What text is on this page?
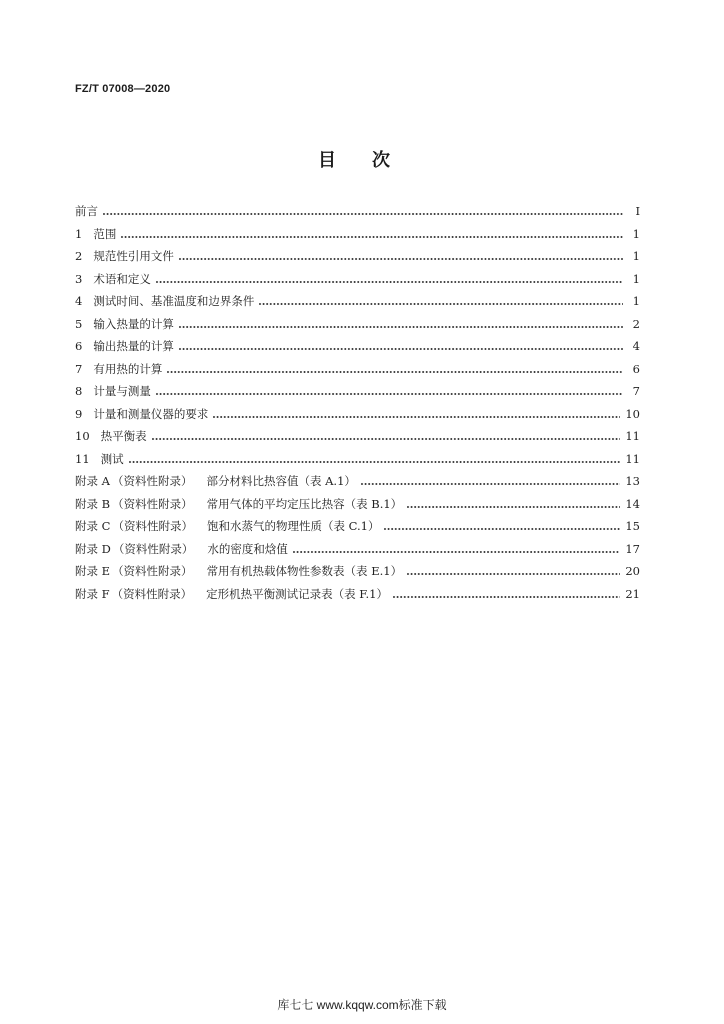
FZ/T 07008—2020
目　　次
前言	Ⅰ
1 范围	1
2 规范性引用文件	1
3 术语和定义	1
4 测试时间、基准温度和边界条件	1
5 输入热量的计算	2
6 输出热量的计算	4
7 有用热的计算	6
8 计量与测量	7
9 计量和测量仪器的要求	10
10 热平衡表	11
11 测试	11
附录 A （资料性附录） 部分材料比热容值（表 A.1）	13
附录 B （资料性附录） 常用气体的平均定压比热容（表 B.1）	14
附录 C （资料性附录） 饱和水蒸气的物理性质（表 C.1）	15
附录 D （资料性附录） 水的密度和焓值	17
附录 E （资料性附录） 常用有机热载体物性参数表（表 E.1）	20
附录 F （资料性附录） 定形机热平衡测试记录表（表 F.1）	21
库七七 www.kqqw.com标准下载
